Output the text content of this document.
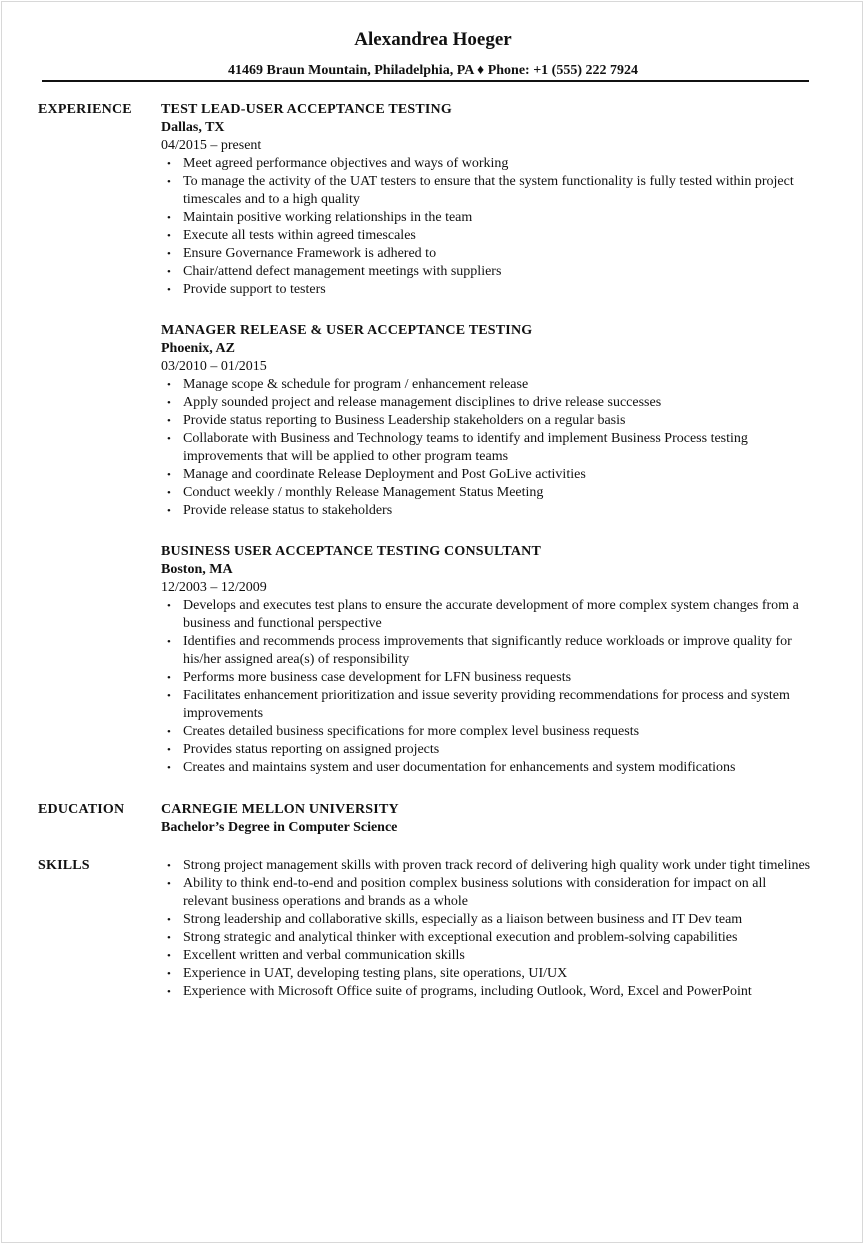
Alexandrea Hoeger
41469 Braun Mountain, Philadelphia, PA ♦ Phone: +1 (555) 222 7924
EXPERIENCE TEST LEAD-USER ACCEPTANCE TESTING
Dallas, TX
04/2015 – present
• Meet agreed performance objectives and ways of working
• To manage the activity of the UAT testers to ensure that the system functionality is fully tested within project timescales and to a high quality
• Maintain positive working relationships in the team
• Execute all tests within agreed timescales
• Ensure Governance Framework is adhered to
• Chair/attend defect management meetings with suppliers
• Provide support to testers
MANAGER RELEASE & USER ACCEPTANCE TESTING
Phoenix, AZ
03/2010 – 01/2015
• Manage scope & schedule for program / enhancement release
• Apply sounded project and release management disciplines to drive release successes
• Provide status reporting to Business Leadership stakeholders on a regular basis
• Collaborate with Business and Technology teams to identify and implement Business Process testing improvements that will be applied to other program teams
• Manage and coordinate Release Deployment and Post GoLive activities
• Conduct weekly / monthly Release Management Status Meeting
• Provide release status to stakeholders
BUSINESS USER ACCEPTANCE TESTING CONSULTANT
Boston, MA
12/2003 – 12/2009
• Develops and executes test plans to ensure the accurate development of more complex system changes from a business and functional perspective
• Identifies and recommends process improvements that significantly reduce workloads or improve quality for his/her assigned area(s) of responsibility
• Performs more business case development for LFN business requests
• Facilitates enhancement prioritization and issue severity providing recommendations for process and system improvements
• Creates detailed business specifications for more complex level business requests
• Provides status reporting on assigned projects
• Creates and maintains system and user documentation for enhancements and system modifications
EDUCATION	CARNEGIE MELLON UNIVERSITY
Bachelor’s Degree in Computer Science
SKILLS	• Strong project management skills with proven track record of delivering high quality work under tight timelines
• Ability to think end-to-end and position complex business solutions with consideration for impact on all relevant business operations and brands as a whole
• Strong leadership and collaborative skills, especially as a liaison between business and IT Dev team
• Strong strategic and analytical thinker with exceptional execution and problem-solving capabilities
• Excellent written and verbal communication skills
• Experience in UAT, developing testing plans, site operations, UI/UX
• Experience with Microsoft Office suite of programs, including Outlook, Word, Excel and PowerPoint
